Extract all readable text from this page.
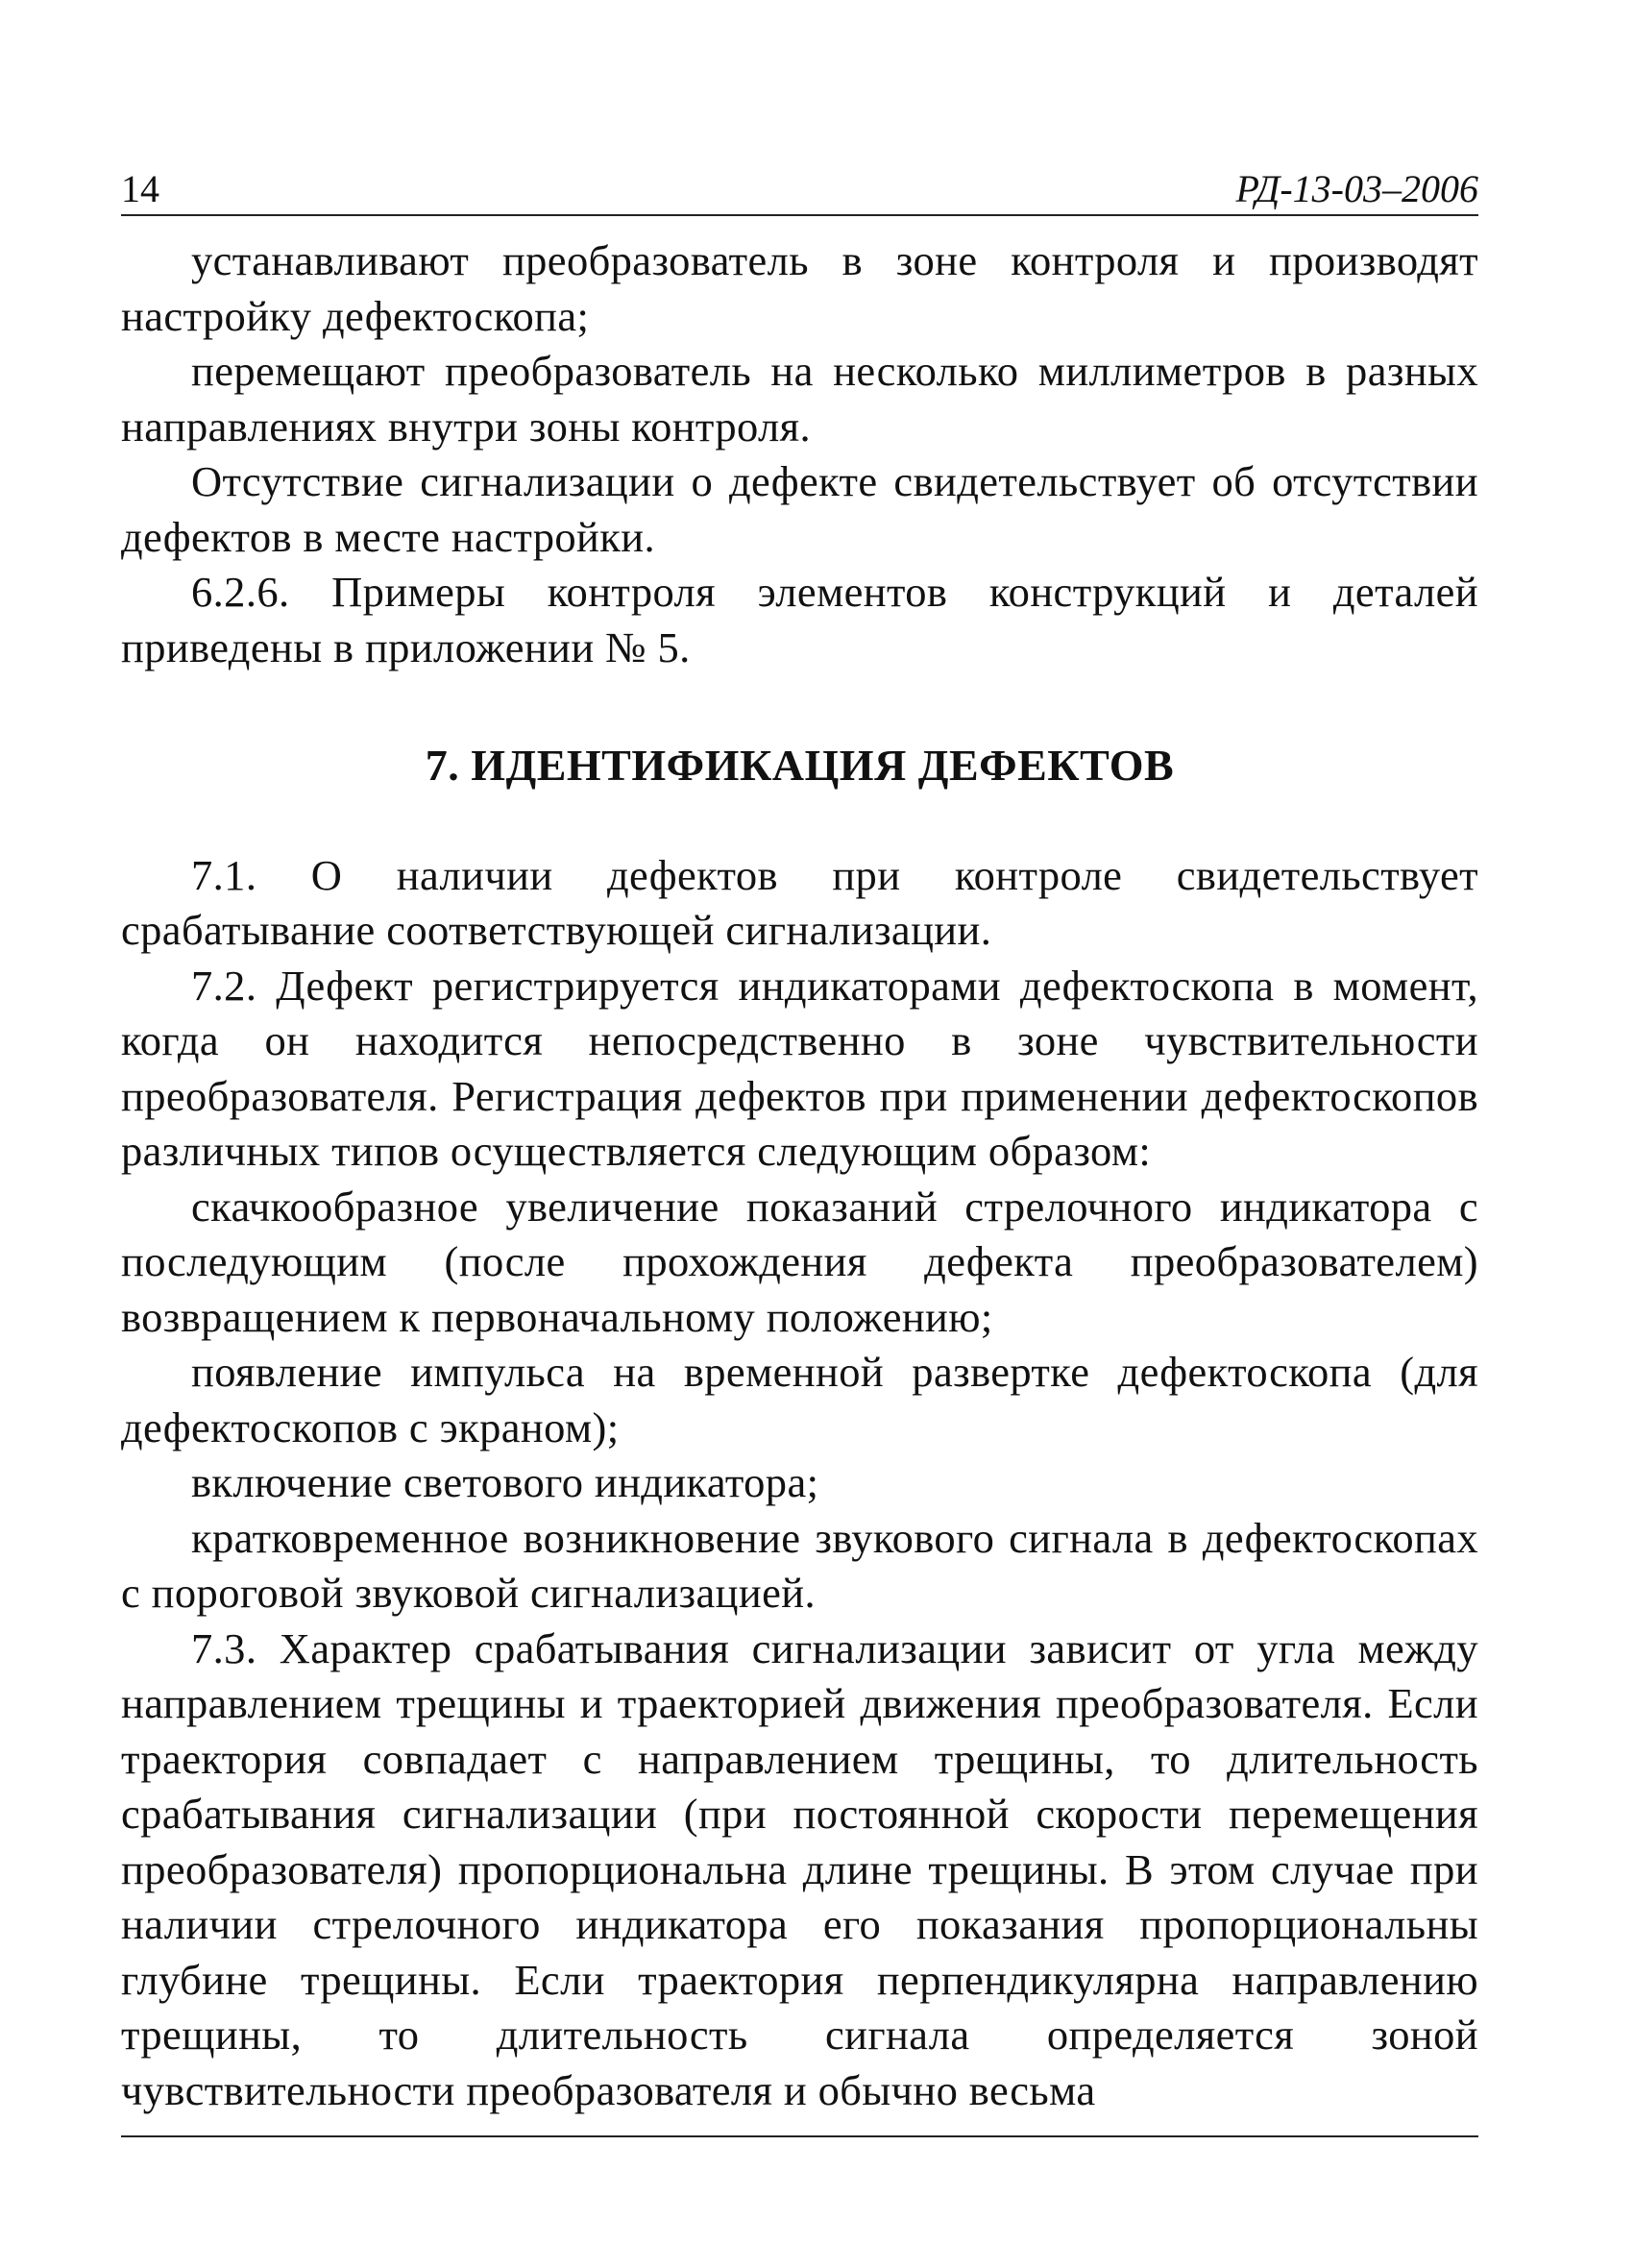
14	РД-13-03–2006

устанавливают преобразователь в зоне контроля и производят настройку дефектоскопа;

перемещают преобразователь на несколько миллиметров в разных направлениях внутри зоны контроля.

Отсутствие сигнализации о дефекте свидетельствует об отсутствии дефектов в месте настройки.

6.2.6. Примеры контроля элементов конструкций и деталей приведены в приложении № 5.

7. ИДЕНТИФИКАЦИЯ ДЕФЕКТОВ

7.1. О наличии дефектов при контроле свидетельствует срабатывание соответствующей сигнализации.

7.2. Дефект регистрируется индикаторами дефектоскопа в момент, когда он находится непосредственно в зоне чувствительности преобразователя. Регистрация дефектов при применении дефектоскопов различных типов осуществляется следующим образом:

скачкообразное увеличение показаний стрелочного индикатора с последующим (после прохождения дефекта преобразователем) возвращением к первоначальному положению;

появление импульса на временной развертке дефектоскопа (для дефектоскопов с экраном);

включение светового индикатора;

кратковременное возникновение звукового сигнала в дефектоскопах с пороговой звуковой сигнализацией.

7.3. Характер срабатывания сигнализации зависит от угла между направлением трещины и траекторией движения преобразователя. Если траектория совпадает с направлением трещины, то длительность срабатывания сигнализации (при постоянной скорости перемещения преобразователя) пропорциональна длине трещины. В этом случае при наличии стрелочного индикатора его показания пропорциональны глубине трещины. Если траектория перпендикулярна направлению трещины, то длительность сигнала определяется зоной чувствительности преобразователя и обычно весьма
